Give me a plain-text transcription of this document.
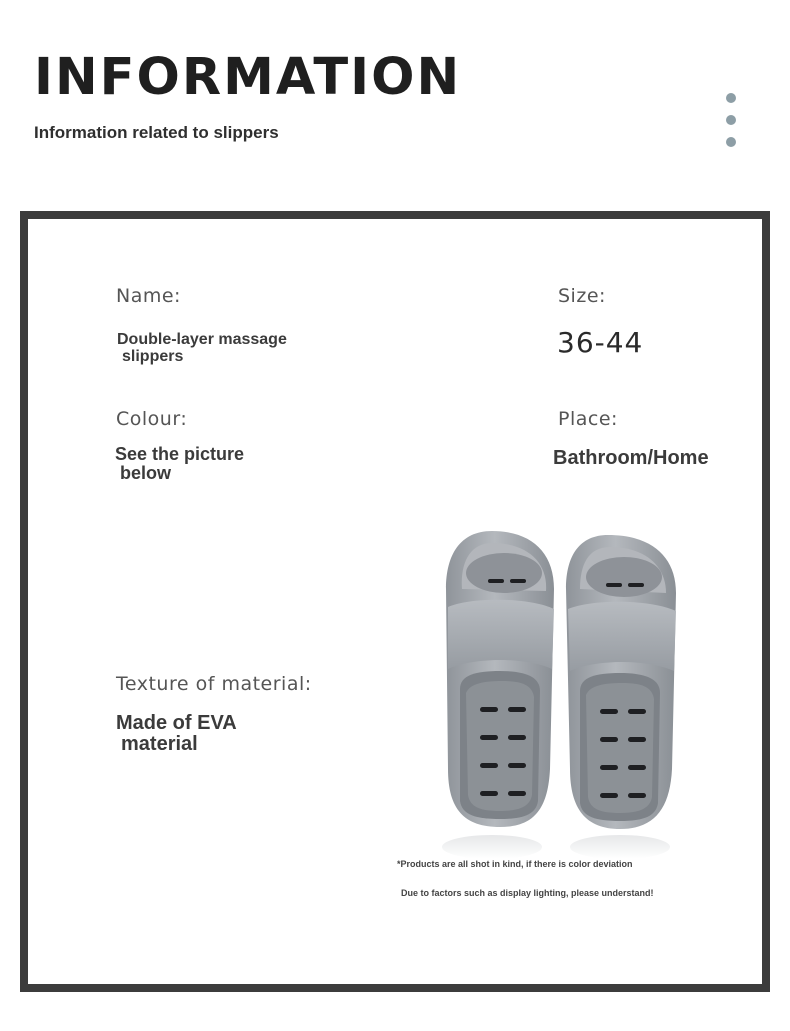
INFORMATION
Information related to slippers
Name:
Double-layer massage
slippers
Size:
36-44
Colour:
See the picture
below
Place:
Bathroom/Home
Texture of material:
Made of EVA
material
*Products are all shot in kind, if there is color deviation
Due to factors such as display lighting, please understand!
